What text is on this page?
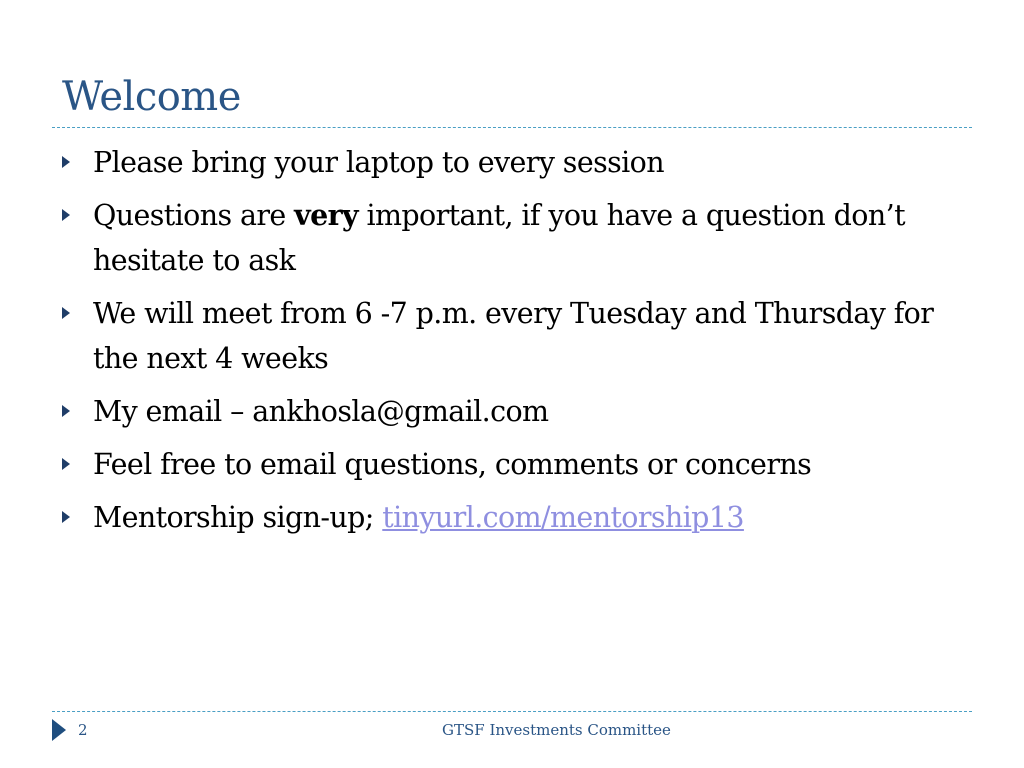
Welcome
Please bring your laptop to every session
Questions are very important, if you have a question don’t hesitate to ask
We will meet from 6 -7 p.m. every Tuesday and Thursday for the next 4 weeks
My email – ankhosla@gmail.com
Feel free to email questions, comments or concerns
Mentorship sign-up; tinyurl.com/mentorship13
2	GTSF Investments Committee
